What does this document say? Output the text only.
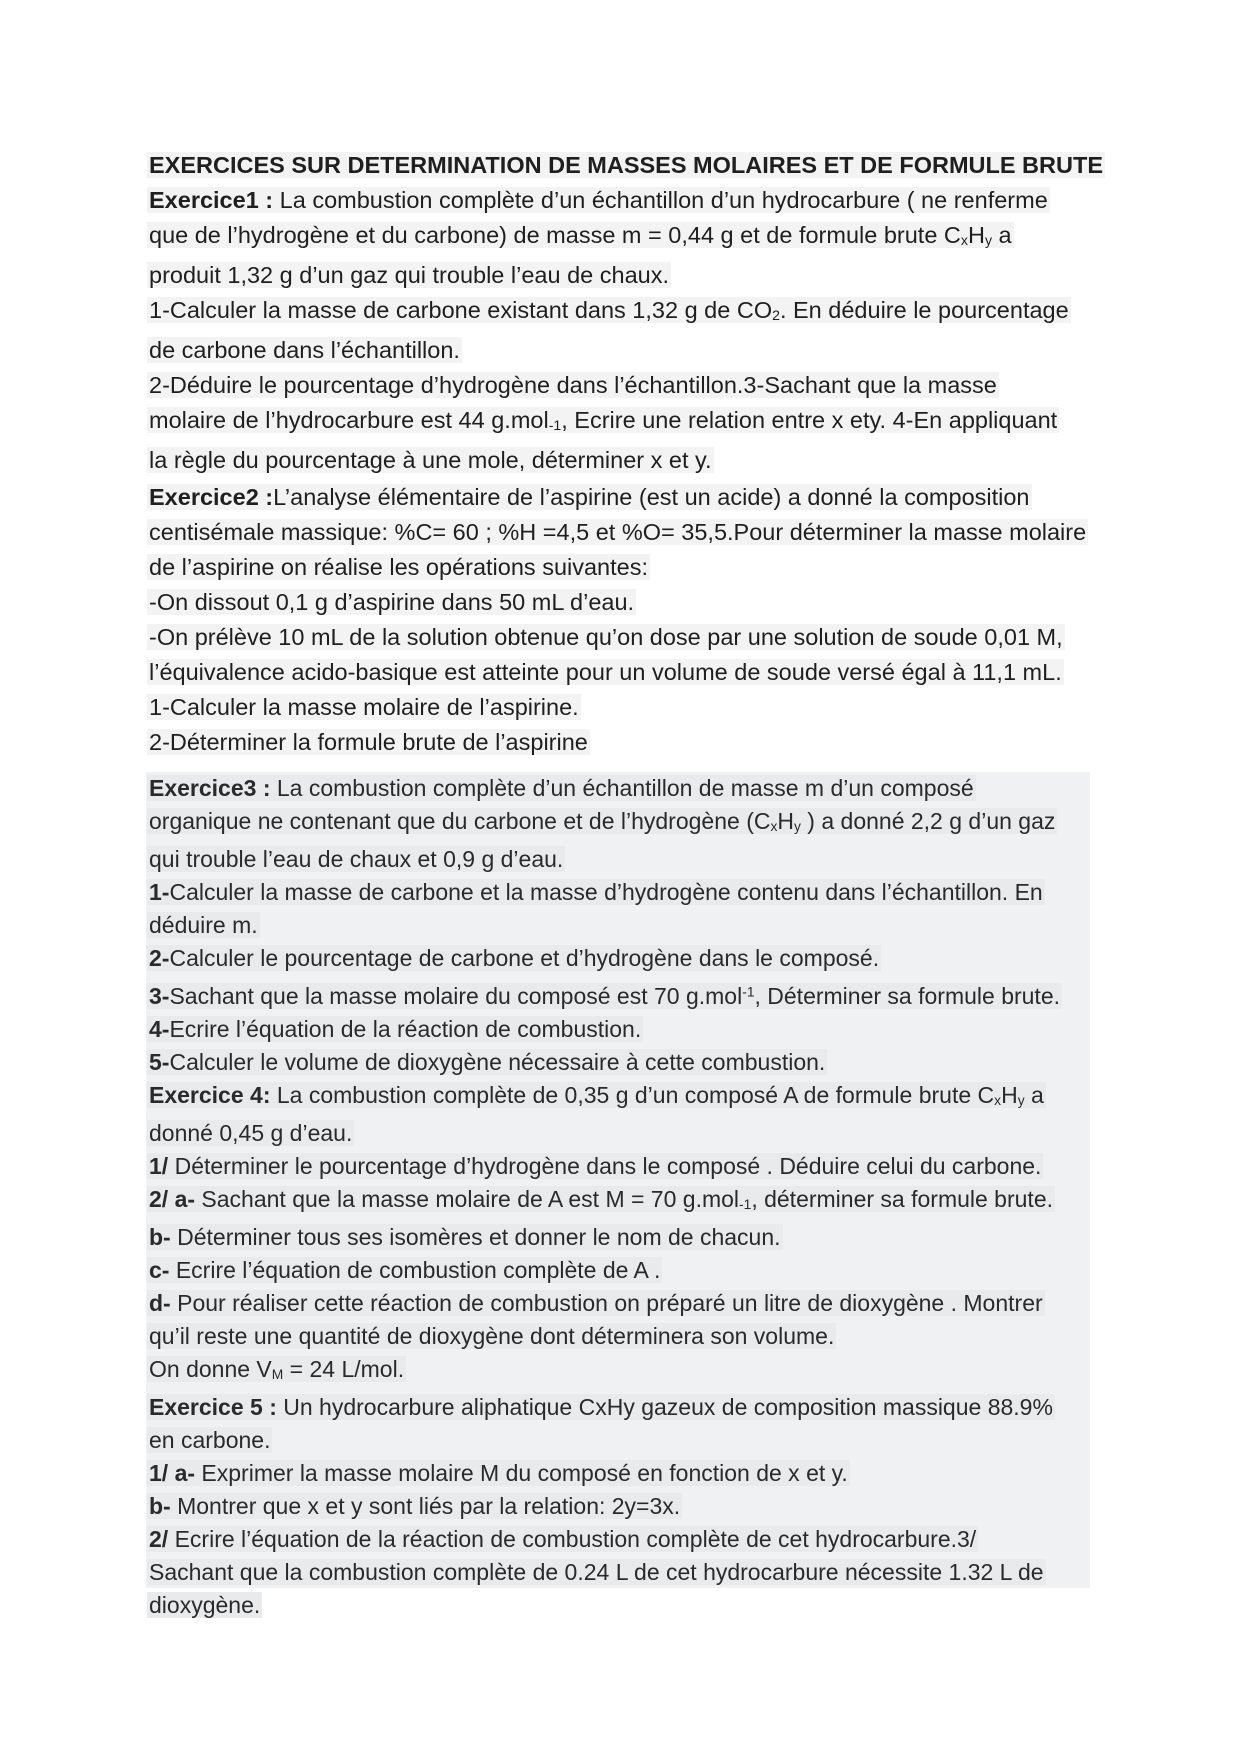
EXERCICES SUR DETERMINATION DE MASSES MOLAIRES ET DE FORMULE BRUTE
Exercice1 : La combustion complète d’un échantillon d’un hydrocarbure ( ne renferme
que de l’hydrogène et du carbone) de masse m = 0,44 g et de formule brute CxHy a
produit 1,32 g d’un gaz qui trouble l’eau de chaux.
1-Calculer la masse de carbone existant dans 1,32 g de CO2. En déduire le pourcentage
de carbone dans l’échantillon.
2-Déduire le pourcentage d’hydrogène dans l’échantillon.3-Sachant que la masse
molaire de l’hydrocarbure est 44 g.mol-1, Ecrire une relation entre x ety. 4-En appliquant
la règle du pourcentage à une mole, déterminer x et y.
Exercice2 :L’analyse élémentaire de l’aspirine (est un acide) a donné la composition
centisémale massique: %C= 60 ; %H =4,5 et %O= 35,5.Pour déterminer la masse molaire
de l’aspirine on réalise les opérations suivantes:
-On dissout 0,1 g d’aspirine dans 50 mL d’eau.
-On prélève 10 mL de la solution obtenue qu’on dose par une solution de soude 0,01 M,
l’équivalence acido-basique est atteinte pour un volume de soude versé égal à 11,1 mL.
1-Calculer la masse molaire de l’aspirine.
2-Déterminer la formule brute de l’aspirine
Exercice3 : La combustion complète d’un échantillon de masse m d’un composé
organique ne contenant que du carbone et de l’hydrogène (CxHy ) a donné 2,2 g d’un gaz
qui trouble l’eau de chaux et 0,9 g d’eau.
1-Calculer la masse de carbone et la masse d’hydrogène contenu dans l’échantillon. En
déduire m.
2-Calculer le pourcentage de carbone et d’hydrogène dans le composé.
3-Sachant que la masse molaire du composé est 70 g.mol$^{-1}$, Déterminer sa formule brute.
4-Ecrire l’équation de la réaction de combustion.
5-Calculer le volume de dioxygène nécessaire à cette combustion.
Exercice 4: La combustion complète de 0,35 g d’un composé A de formule brute CxHy a
donné 0,45 g d’eau.
1/ Déterminer le pourcentage d’hydrogène dans le composé . Déduire celui du carbone.
2/ a- Sachant que la masse molaire de A est M = 70 g.mol-1, déterminer sa formule brute.
b- Déterminer tous ses isomères et donner le nom de chacun.
c- Ecrire l’équation de combustion complète de A .
d- Pour réaliser cette réaction de combustion on préparé un litre de dioxygène . Montrer
qu’il reste une quantité de dioxygène dont déterminera son volume.
On donne VM = 24 L/mol.
Exercice 5 : Un hydrocarbure aliphatique CxHy gazeux de composition massique 88.9%
en carbone.
1/ a- Exprimer la masse molaire M du composé en fonction de x et y.
b- Montrer que x et y sont liés par la relation: 2y=3x.
2/ Ecrire l’équation de la réaction de combustion complète de cet hydrocarbure.3/
Sachant que la combustion complète de 0.24 L de cet hydrocarbure nécessite 1.32 L de
dioxygène.
